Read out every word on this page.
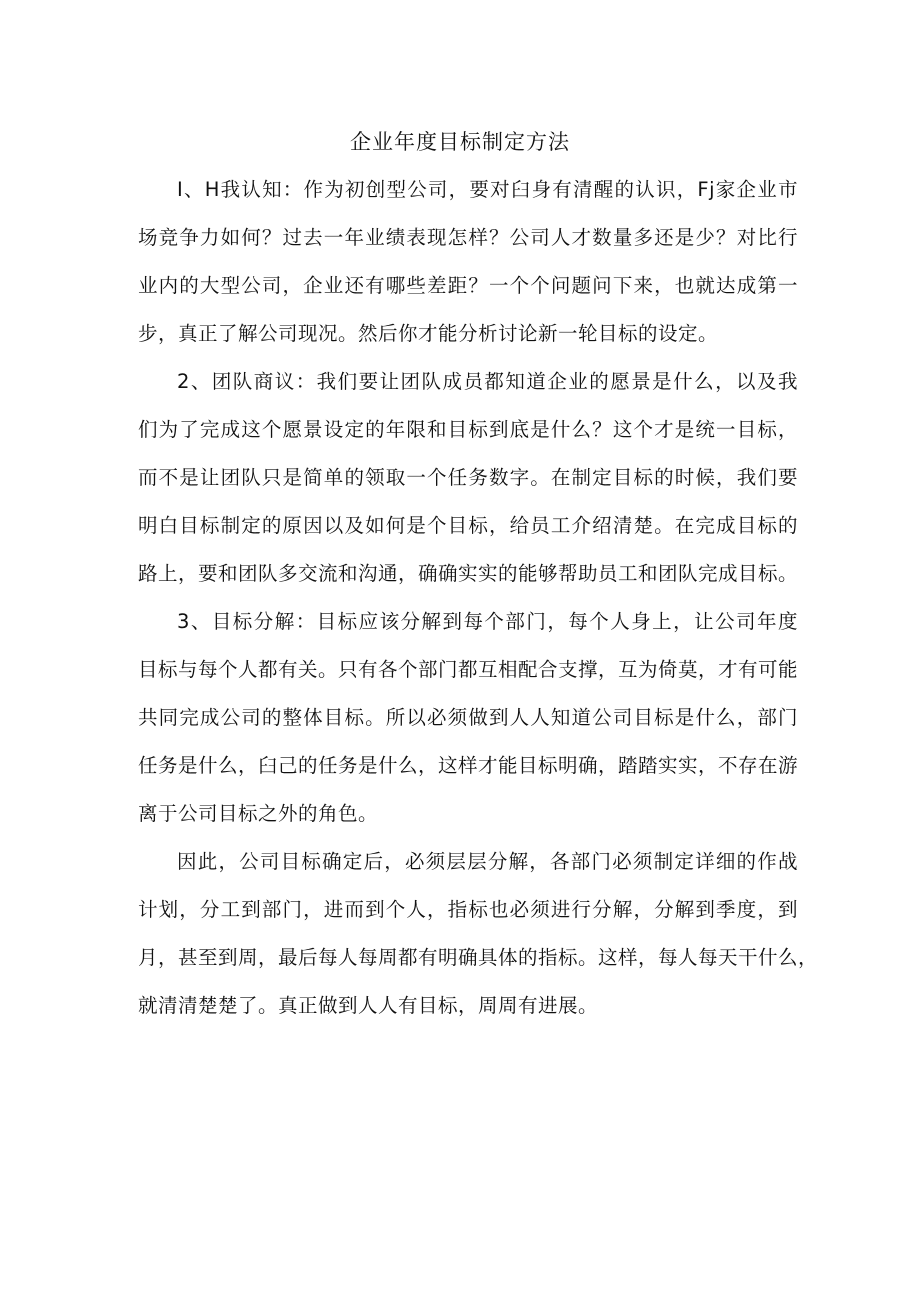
企业年度目标制定方法
I、H我认知：作为初创型公司，要对臼身有清醒的认识，Fj家企业市
场竞争力如何？过去一年业绩表现怎样？公司人才数量多还是少？对比行
业内的大型公司，企业还有哪些差距？一个个问题问下来，也就达成第一
步，真正了解公司现况。然后你才能分析讨论新一轮目标的设定。
2、团队商议：我们要让团队成员都知道企业的愿景是什么，以及我
们为了完成这个愿景设定的年限和目标到底是什么？这个才是统一目标，
而不是让团队只是简单的领取一个任务数字。在制定目标的时候，我们要
明白目标制定的原因以及如何是个目标，给员工介绍清楚。在完成目标的
路上，要和团队多交流和沟通，确确实实的能够帮助员工和团队完成目标。
3、目标分解：目标应该分解到每个部门，每个人身上，让公司年度
目标与每个人都有关。只有各个部门都互相配合支撑，互为倚莫，才有可能
共同完成公司的整体目标。所以必须做到人人知道公司目标是什么，部门
任务是什么，臼己的任务是什么，这样才能目标明确，踏踏实实，不存在游
离于公司目标之外的角色。
因此，公司目标确定后，必须层层分解，各部门必须制定详细的作战
计划，分工到部门，进而到个人，指标也必须进行分解，分解到季度，到
月，甚至到周，最后每人每周都有明确具体的指标。这样，每人每天干什么，
就清清楚楚了。真正做到人人有目标，周周有进展。
